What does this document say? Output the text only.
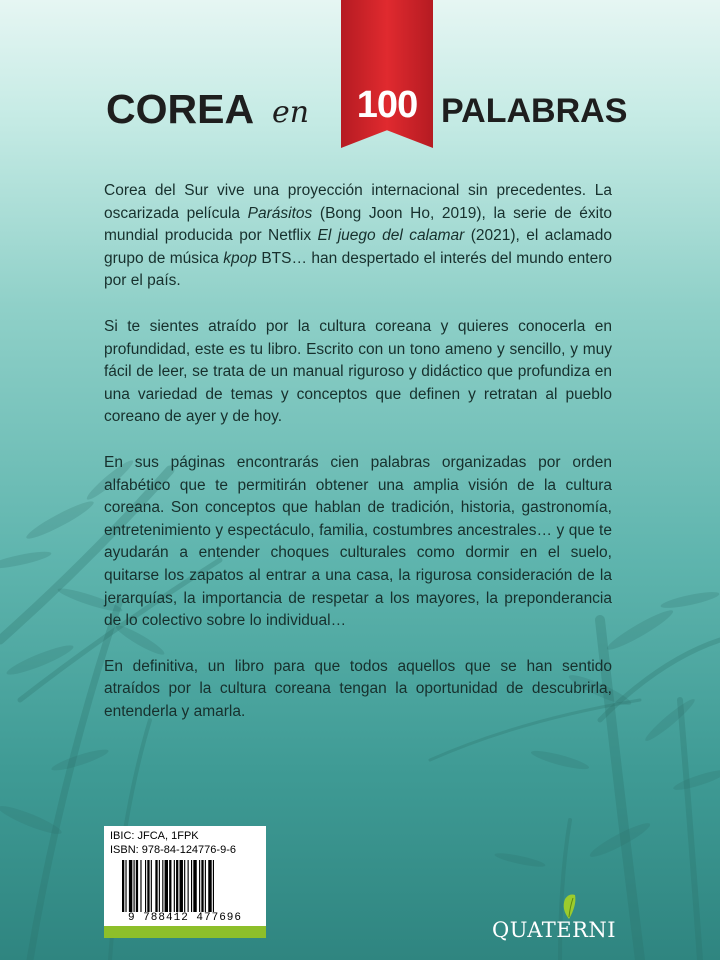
100
COREA en	PALABRAS

Corea del Sur vive una proyección internacional sin precedentes. La oscarizada película Parásitos (Bong Joon Ho, 2019), la serie de éxito mundial producida por Netflix El juego del calamar (2021), el aclamado grupo de música kpop BTS… han despertado el interés del mundo entero por el país.

Si te sientes atraído por la cultura coreana y quieres conocerla en profundidad, este es tu libro. Escrito con un tono ameno y sencillo, y muy fácil de leer, se trata de un manual riguroso y didáctico que profundiza en una variedad de temas y conceptos que definen y retratan al pueblo coreano de ayer y de hoy.

En sus páginas encontrarás cien palabras organizadas por orden alfabético que te permitirán obtener una amplia visión de la cultura coreana. Son conceptos que hablan de tradición, historia, gastronomía, entretenimiento y espectáculo, familia, costumbres ancestrales… y que te ayudarán a entender choques culturales como dormir en el suelo, quitarse los zapatos al entrar a una casa, la rigurosa consideración de la jerarquías, la importancia de respetar a los mayores, la preponderancia de lo colectivo sobre lo individual…

En definitiva, un libro para que todos aquellos que se han sentido atraídos por la cultura coreana tengan la oportunidad de descubrirla, entenderla y amarla.

IBIC: JFCA, 1FPK
ISBN: 978-84-124776-9-6
9 788412 477696	QUATERNI
